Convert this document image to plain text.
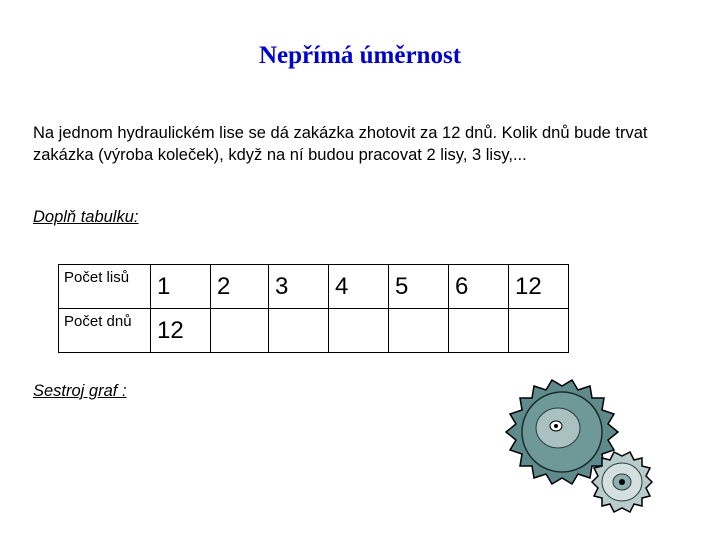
Nepřímá úměrnost
Na jednom hydraulickém lise se dá zakázka zhotovit za 12 dnů. Kolik dnů bude trvat zakázka (výroba koleček), když na ní budou pracovat 2 lisy, 3 lisy,...
Doplň tabulku:
Počet lisů	1	2	3	4	5	6	12
Počet dnů	12						
Sestroj graf :
